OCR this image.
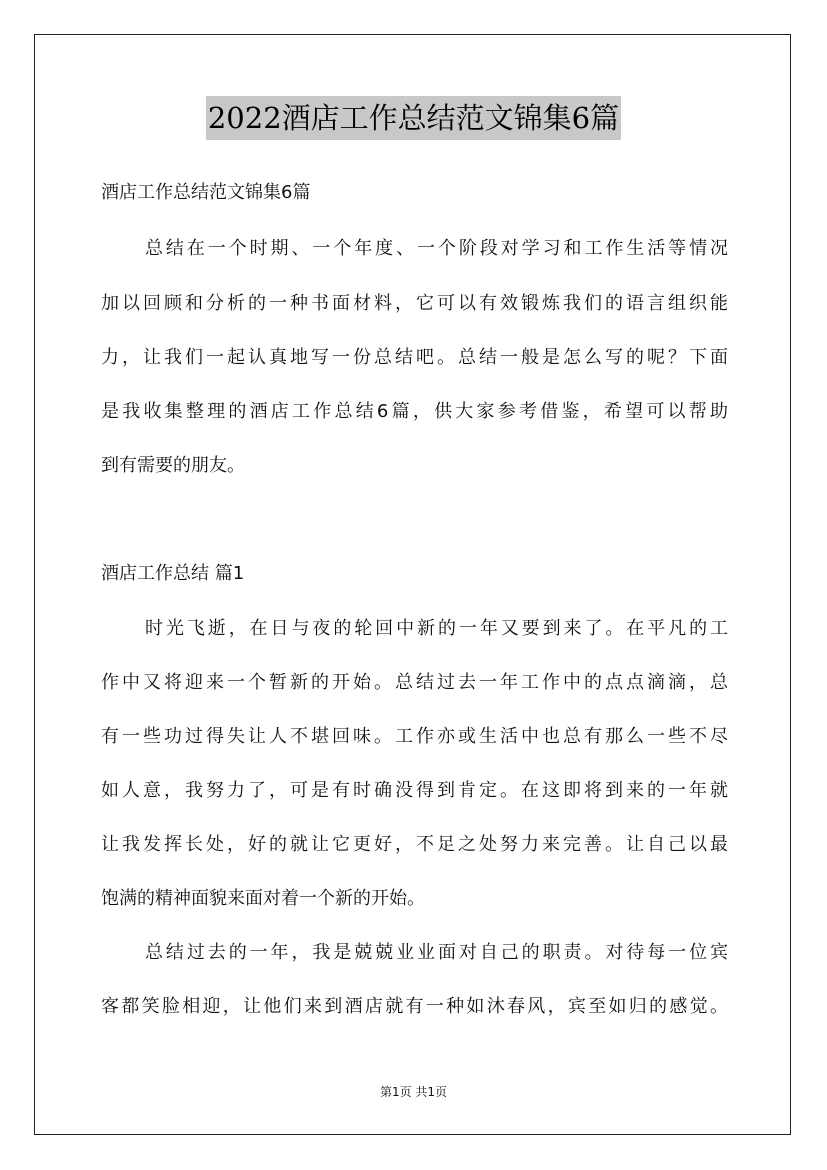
2022酒店工作总结范文锦集6篇
酒店工作总结范文锦集6篇
总结在一个时期、一个年度、一个阶段对学习和工作生活等情况
加以回顾和分析的一种书面材料，它可以有效锻炼我们的语言组织能
力，让我们一起认真地写一份总结吧。总结一般是怎么写的呢？下面
是我收集整理的酒店工作总结6篇，供大家参考借鉴，希望可以帮助
到有需要的朋友。
酒店工作总结 篇1
时光飞逝，在日与夜的轮回中新的一年又要到来了。在平凡的工
作中又将迎来一个暂新的开始。总结过去一年工作中的点点滴滴，总
有一些功过得失让人不堪回味。工作亦或生活中也总有那么一些不尽
如人意，我努力了，可是有时确没得到肯定。在这即将到来的一年就
让我发挥长处，好的就让它更好，不足之处努力来完善。让自己以最
饱满的精神面貌来面对着一个新的开始。
总结过去的一年，我是兢兢业业面对自己的职责。对待每一位宾
客都笑脸相迎，让他们来到酒店就有一种如沐春风，宾至如归的感觉。
第1页 共1页
